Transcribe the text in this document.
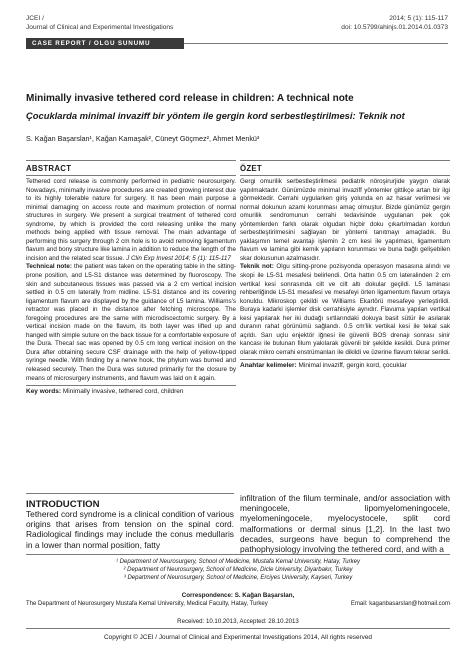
JCEI /
Journal of Clinical and Experimental Investigations
2014; 5 (1): 115-117
doi: 10.5799/ahinjs.01.2014.01.0373
CASE REPORT / OLGU SUNUMU
Minimally invasive tethered cord release in children: A technical note
Çocuklarda minimal invaziff bir yöntem ile gergin kord serbestleştirilmesi: Teknik not
S. Kağan Başarslan¹, Kağan Kamaşak², Cüneyt Göçmez², Ahmet Menkü³
ABSTRACT

Tethered cord release is commonly performed in pediatric neurosurgery. Nowadays, minimally invasive procedures are created growing interest due to its highly tolerable nature for surgery. It has been main purpose a minimal damaging on access route and maximum protection of normal structures in surgery. We present a surgical treatment of tethered cord syndrome, by which is provided the cord releasing unlike the many methods being applied with tissue removal. The main advantage of performing this surgery through 2 cm hole is to avoid removing ligamentum flavum and bony structure like lamina in addition to reduce the length of the incision and the related scar tissue. J Clin Exp Invest 2014; 5 (1): 115-117

Technical note: the patient was taken on the operating table in the sitting-prone position, and L5-S1 distance was determined by fluoroscopy. The skin and subcutaneous tissues was passed via a 2 cm vertical incision settled in 0.5 cm laterally from midline. L5-S1 distance and its covering ligamentum flavum are displayed by the guidance of L5 lamina. Williams's retractor was placed in the distance after fetching microscope. The foregoing procedures are the same with microdiscectomic surgery. By a vertical incision made on the flavum, its both layer was lifted up and hanged with simple suture on the back tissue for a comfortable exposure of the Dura. Thecal sac was opened by 0.5 cm long vertical incision on the Dura after obtaining secure CSF drainage with the help of yellow-tipped syringe needle. With finding by a nerve hook, the phylum was burned and released securely. Then the Dura was sutured primarily for the closure by means of microsurgery instruments, and flavum was laid on it again.

Key words: Minimally invasive, tethered cord, children
ÖZET

Gergi omurilik serbestleştirilmesi pediatrik nöroşirurjide yaygın olarak yapılmaktadır. Günümüzde minimal invaziff yöntemler gittikçe artan bir ilgi görmektedir. Cerrahi uygularken giriş yolunda en az hasar verilmesi ve normal dokunun azami korunması amaç olmuştur. Bizde günümüz gergin omurilik sendromunun cerrahi tedavisinde uygulanan pek çok yöntemlerden farklı olarak olgudan hiçbir doku çıkartılmadan kordun serbestleştirilmesini sağlayan bir yöntemi tanıtmayı amaçladık. Bu yaklaşımın temel avantajı işlemin 2 cm kesi ile yapılması, ligamentum flavum ve lamina gibi kemik yapıların korunması ve buna bağlı gelişebilen skar dokusunun azalmasıdır.

Teknik not: Olgu sitting-prone pozisyonda operasyon masasına alındı ve skopi ile L5-S1 mesafesi belirlendi. Orta hattın 0.5 cm lateralinden 2 cm vertikal kesi sonrasında cilt ve cilt altı dokular geçildi. L5 laminası rehberliğinde L5-S1 mesafesi ve mesafeyi örten ligamentum flavum ortaya konuldu. Mikroskop çekildi ve Williams Ekartörü mesafeye yerleştirildi. Buraya kadarki işlemler disk cerrahisiyle aynıdır. Flavuma yapılan vertikal kesi yapılarak her iki dudağı sırtlarındaki dokuya basit sütür ile asılarak duranın rahat görünümü sağlandı. 0.5 cm'lik vertikal kesi ile tekal sak açıldı. Sarı uçlu enjektör iğnesi ile güvenli BOS drenajı sonrası sinir kancası ile bulunan filum yakılarak güvenli bir şekilde kesildi. Dura primer olarak mikro cerrahi enstrümanları ile dikildi ve üzerine flavum tekrar serildi.

Anahtar kelimeler: Minimal invaziff, gergin kord, çocuklar
INTRODUCTION
Tethered cord syndrome is a clinical condition of various origins that arises from tension on the spinal cord. Radiological findings may include the conus medullaris in a lower than normal position, fatty
infiltration of the filum terminale, and/or association with meningocele, lipomyelomeningocele, myelomeningocele, myelocystocele, split cord malformations or dermal sinus [1,2]. In the last two decades, surgeons have begun to comprehend the pathophysiology involving the tethered cord, and with a
¹ Department of Neurosurgery, School of Medicine, Mustafa Kemal University, Hatay, Turkey
² Department of Neurosurgery, School of Medicine, Dicle University, Diyarbakır, Turkey
³ Department of Neurosurgery, School of Medicine, Erciyes University, Kayseri, Turkey
Correspondence: S. Kağan Başarslan,
The Department of Neurosurgery Mustafa Kemal University, Medical Faculty, Hatay, Turkey	Email: kaganbasarslan@hotmail.com
Received: 10.10.2013, Accepted: 28.10.2013
Copyright © JCEI / Journal of Clinical and Experimental Investigations 2014, All rights reserved
